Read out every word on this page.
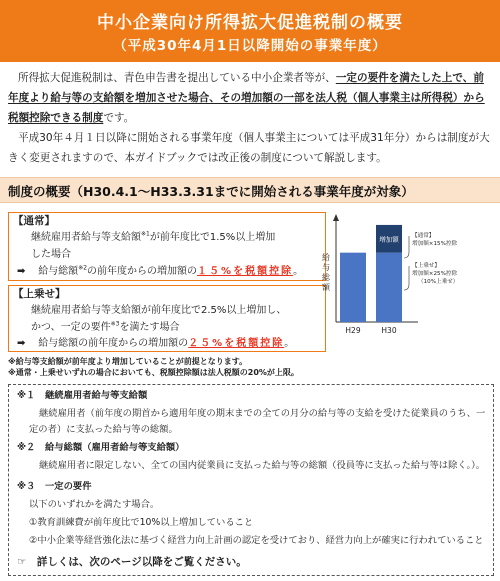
中小企業向け所得拡大促進税制の概要
（平成30年4月1日以降開始の事業年度）

所得拡大促進税制は、青色申告書を提出している中小企業者等が、一定の要件を満たした上で、前年度より給与等の支給額を増加させた場合、その増加額の一部を法人税（個人事業主は所得税）から税額控除できる制度です。

平成30年４月１日以降に開始される事業年度（個人事業主については平成31年分）からは制度が大きく変更されますので、本ガイドブックでは改正後の制度について解説します。

制度の概要（H30.4.1～H33.3.31までに開始される事業年度が対象）
【通常】
継続雇用者給与等支給額$^{※1}$が前年度比で1.5%以上増加
した場合
➡ 給与総額$^{※2}$の前年度からの増加額の１５%を税額控除。
【上乗せ】
継続雇用者給与等支給額が前年度比で2.5%以上増加し、
かつ、一定の要件$^{※3}$を満たす場合
➡ 給与総額の前年度からの増加額の２５%を税額控除。
給与総額
増加額
H29	H30
【通常】
増加額×15%控除
【上乗せ】
増加額×25%控除
（10%上乗せ）
※給与等支給額が前年度より増加していることが前提となります。
※通常・上乗せいずれの場合においても、税額控除額は法人税額の20%が上限。
※１ 継続雇用者給与等支給額
継続雇用者（前年度の期首から適用年度の期末までの全ての月分の給与等の支給を受けた従業員のうち、一定の者）に支払った給与等の総額。
※２ 給与総額（雇用者給与等支給額）
継続雇用者に限定しない、全ての国内従業員に支払った給与等の総額（役員等に支払った給与等は除く。）。
※３ 一定の要件
以下のいずれかを満たす場合。
①教育訓練費が前年度比で10%以上増加していること
②中小企業等経営強化法に基づく経営力向上計画の認定を受けており、経営力向上が確実に行われていること
☞　 詳しくは、次のページ以降をご覧ください。
